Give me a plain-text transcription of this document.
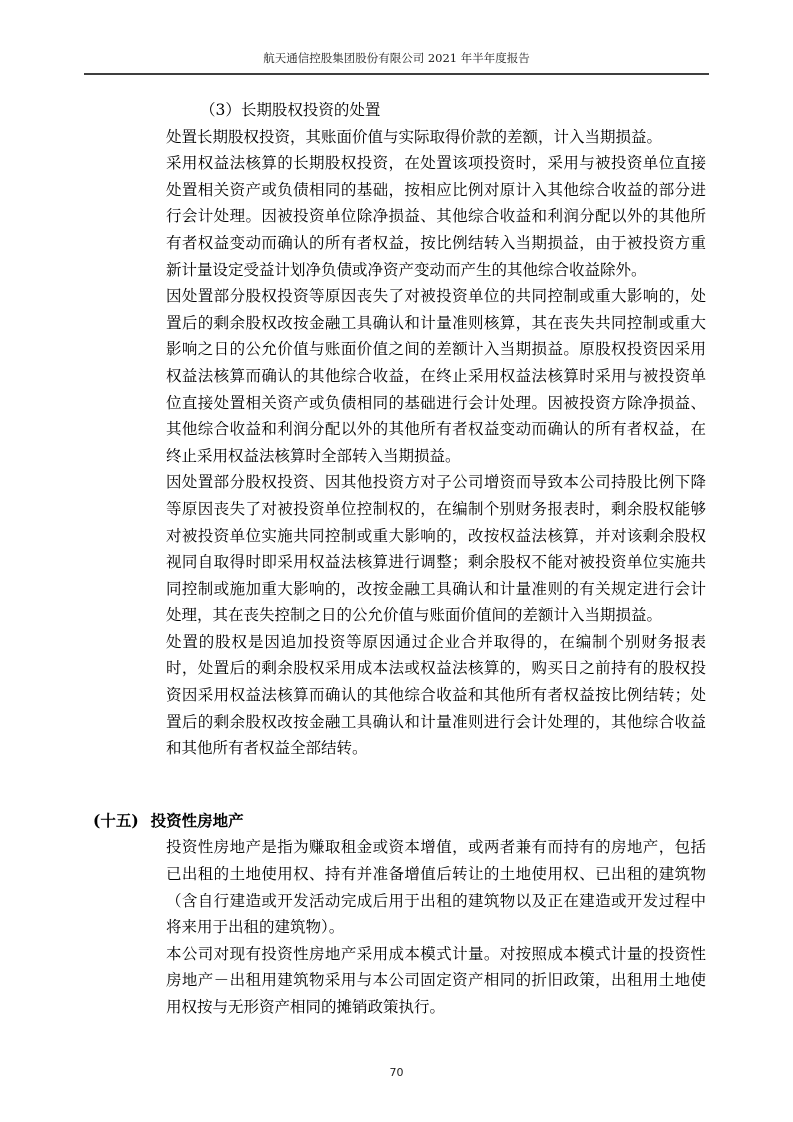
航天通信控股集团股份有限公司 2021 年半年度报告
（3）长期股权投资的处置

处置长期股权投资，其账面价值与实际取得价款的差额，计入当期损益。

采用权益法核算的长期股权投资，在处置该项投资时，采用与被投资单位直接处置相关资产或负债相同的基础，按相应比例对原计入其他综合收益的部分进行会计处理。因被投资单位除净损益、其他综合收益和利润分配以外的其他所有者权益变动而确认的所有者权益，按比例结转入当期损益，由于被投资方重新计量设定受益计划净负债或净资产变动而产生的其他综合收益除外。

因处置部分股权投资等原因丧失了对被投资单位的共同控制或重大影响的，处置后的剩余股权改按金融工具确认和计量准则核算，其在丧失共同控制或重大影响之日的公允价值与账面价值之间的差额计入当期损益。原股权投资因采用权益法核算而确认的其他综合收益，在终止采用权益法核算时采用与被投资单位直接处置相关资产或负债相同的基础进行会计处理。因被投资方除净损益、其他综合收益和利润分配以外的其他所有者权益变动而确认的所有者权益，在终止采用权益法核算时全部转入当期损益。

因处置部分股权投资、因其他投资方对子公司增资而导致本公司持股比例下降等原因丧失了对被投资单位控制权的，在编制个别财务报表时，剩余股权能够对被投资单位实施共同控制或重大影响的，改按权益法核算，并对该剩余股权视同自取得时即采用权益法核算进行调整；剩余股权不能对被投资单位实施共同控制或施加重大影响的，改按金融工具确认和计量准则的有关规定进行会计处理，其在丧失控制之日的公允价值与账面价值间的差额计入当期损益。

处置的股权是因追加投资等原因通过企业合并取得的，在编制个别财务报表时，处置后的剩余股权采用成本法或权益法核算的，购买日之前持有的股权投资因采用权益法核算而确认的其他综合收益和其他所有者权益按比例结转；处置后的剩余股权改按金融工具确认和计量准则进行会计处理的，其他综合收益和其他所有者权益全部结转。

(十五) 投资性房地产

投资性房地产是指为赚取租金或资本增值，或两者兼有而持有的房地产，包括已出租的土地使用权、持有并准备增值后转让的土地使用权、已出租的建筑物（含自行建造或开发活动完成后用于出租的建筑物以及正在建造或开发过程中将来用于出租的建筑物）。

本公司对现有投资性房地产采用成本模式计量。对按照成本模式计量的投资性房地产－出租用建筑物采用与本公司固定资产相同的折旧政策，出租用土地使用权按与无形资产相同的摊销政策执行。

70
